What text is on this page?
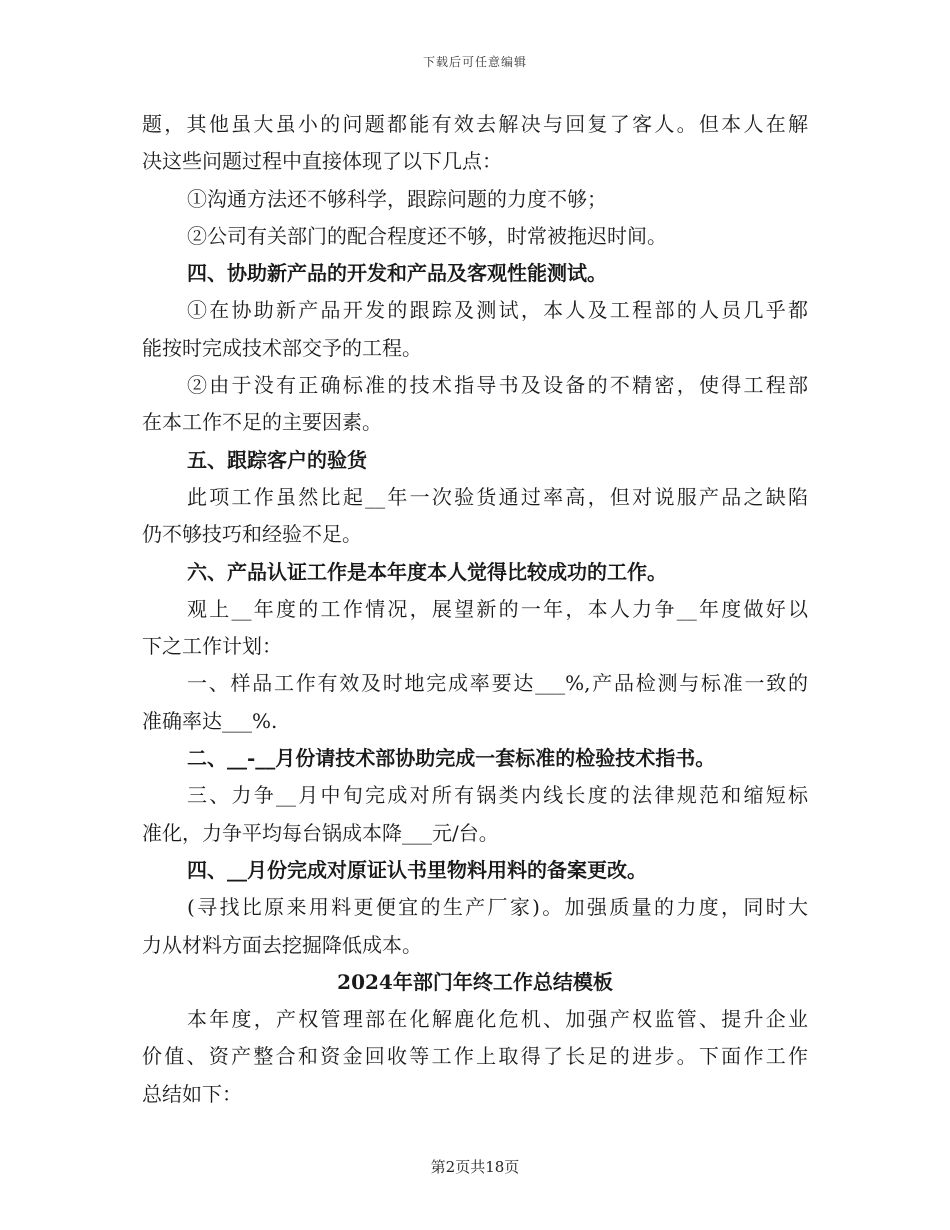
下载后可任意编辑
题，其他虽大虽小的问题都能有效去解决与回复了客人。但本人在解
决这些问题过程中直接体现了以下几点：
①沟通方法还不够科学，跟踪问题的力度不够；
②公司有关部门的配合程度还不够，时常被拖迟时间。
四、协助新产品的开发和产品及客观性能测试。
①在协助新产品开发的跟踪及测试，本人及工程部的人员几乎都
能按时完成技术部交予的工程。
②由于没有正确标准的技术指导书及设备的不精密，使得工程部
在本工作不足的主要因素。
五、跟踪客户的验货
此项工作虽然比起__年一次验货通过率高，但对说服产品之缺陷
仍不够技巧和经验不足。
六、产品认证工作是本年度本人觉得比较成功的工作。
观上__年度的工作情况，展望新的一年，本人力争__年度做好以
下之工作计划：
一、样品工作有效及时地完成率要达___%,产品检测与标准一致的
准确率达___%.
二、__-__月份请技术部协助完成一套标准的检验技术指书。
三、力争__月中旬完成对所有锅类内线长度的法律规范和缩短标
准化，力争平均每台锅成本降___元/台。
四、__月份完成对原证认书里物料用料的备案更改。
(寻找比原来用料更便宜的生产厂家)。加强质量的力度，同时大
力从材料方面去挖掘降低成本。
2024年部门年终工作总结模板
本年度，产权管理部在化解鹿化危机、加强产权监管、提升企业
价值、资产整合和资金回收等工作上取得了长足的进步。下面作工作
总结如下：
第2页共18页
